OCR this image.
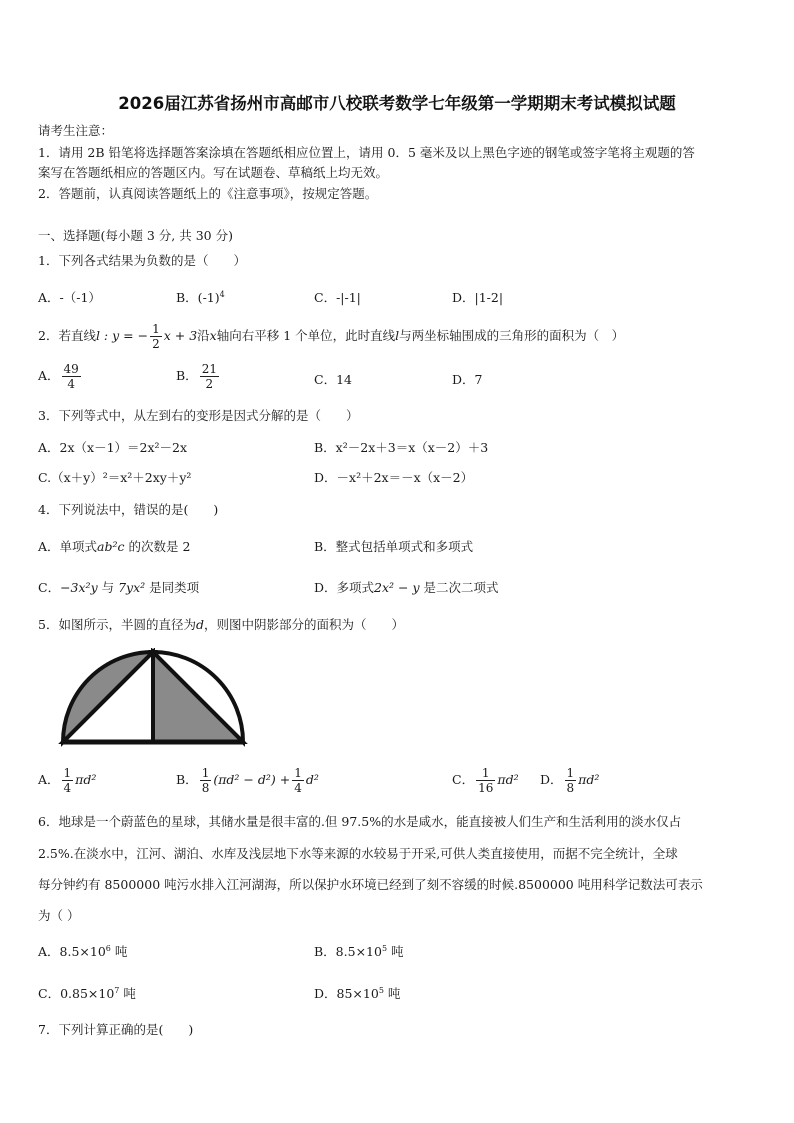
2026届江苏省扬州市高邮市八校联考数学七年级第一学期期末考试模拟试题
请考生注意：
1．请用 2B 铅笔将选择题答案涂填在答题纸相应位置上，请用 0．5 毫米及以上黑色字迹的钢笔或签字笔将主观题的答
案写在答题纸相应的答题区内。写在试题卷、草稿纸上均无效。
2．答题前，认真阅读答题纸上的《注意事项》，按规定答题。
一、选择题(每小题 3 分, 共 30 分)
1．下列各式结果为负数的是（　　）
A．-（-1）	B．$(-1)^4$	C．-|-1|	D．|1-2|
2．若直线l : y = − $\frac{1}{2}$ x + 3沿x轴向右平移 1 个单位，此时直线l与两坐标轴围成的三角形的面积为（　）
A． $\frac{49}{4}$	B． $\frac{21}{2}$	C．14	D．7
3．下列等式中，从左到右的变形是因式分解的是（　　）
A．2x（x－1）＝2x²－2x	B．x²－2x＋3＝x（x－2）＋3
C.（x＋y）²＝x²＋2xy＋y²	D．－x²＋2x＝－x（x－2）
4．下列说法中，错误的是(　　)
A．单项式ab²c 的次数是 2	B．整式包括单项式和多项式
C．−3x²y 与 7yx² 是同类项	D．多项式2x² − y 是二次二项式
5．如图所示，半圆的直径为d，则图中阴影部分的面积为（　　）
A． $\frac{1}{4} \pi d^2$	B． $\frac{1}{8} (\pi d^2 - d^2) + \frac{1}{4} d^2$	C． $\frac{1}{16} \pi d^2$ D． $\frac{1}{8} \pi d^2$
6．地球是一个蔚蓝色的星球，其储水量是很丰富的.但 97.5%的水是咸水，能直接被人们生产和生活利用的淡水仅占
2.5%.在淡水中，江河、湖泊、水库及浅层地下水等来源的水较易于开采,可供人类直接使用，而据不完全统计，全球
每分钟约有 8500000 吨污水排入江河湖海，所以保护水环境已经到了刻不容缓的时候.8500000 吨用科学记数法可表示
为（ ）
A．$8.5\times 10^6$ 吨	B．$8.5\times 10^5$ 吨
C．$0.85\times 10^7$ 吨	D．$85\times 10^5$ 吨
7．下列计算正确的是(　　)
